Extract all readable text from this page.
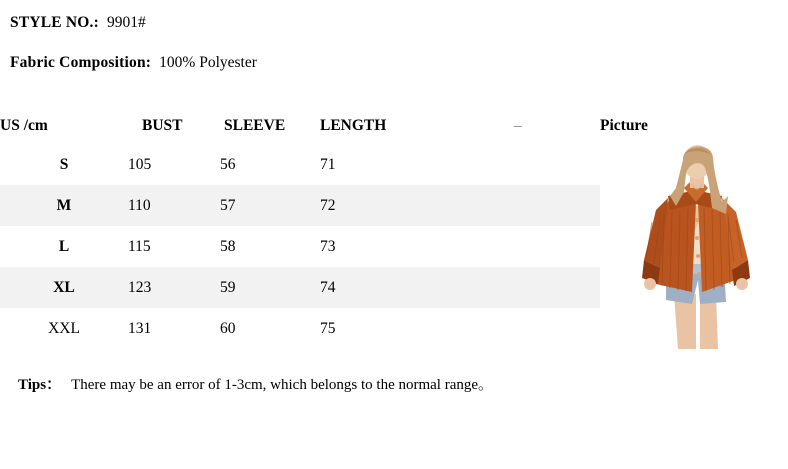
STYLE NO.: 9901#
Fabric Composition: 100% Polyester
US /cm	BUST	SLEEVE	LENGTH		–	Picture
S	105	56	71			

M	110	57	72			
L	115	58	73			
XL	123	59	74			
XXL	131	60	75			
Tips： There may be an error of 1-3cm, which belongs to the normal range。
